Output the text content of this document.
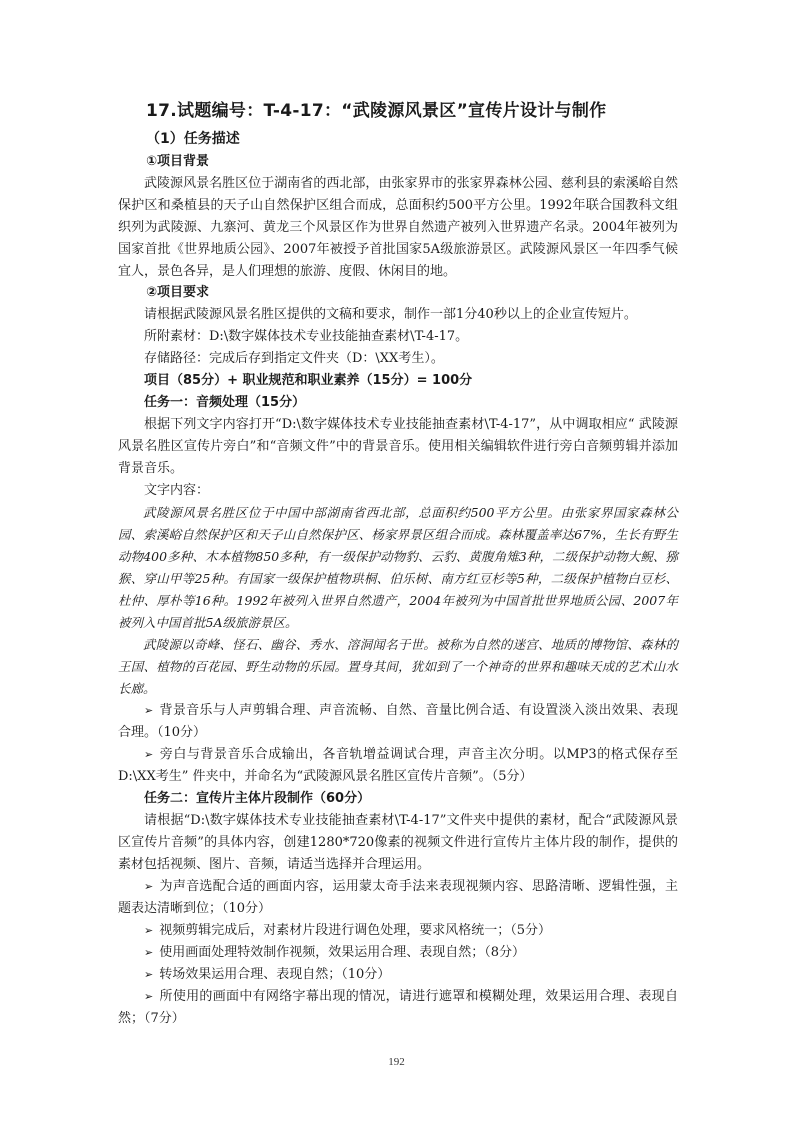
17.试题编号：T-4-17：“武陵源风景区”宣传片设计与制作
（1）任务描述
①项目背景

武陵源风景名胜区位于湖南省的西北部，由张家界市的张家界森林公园、慈利县的索溪峪自然保护区和桑植县的天子山自然保护区组合而成，总面积约500平方公里。1992年联合国教科文组织列为武陵源、九寨河、黄龙三个风景区作为世界自然遗产被列入世界遗产名录。2004年被列为国家首批《世界地质公园》、2007年被授予首批国家5A级旅游景区。武陵源风景区一年四季气候宜人，景色各异，是人们理想的旅游、度假、休闲目的地。

②项目要求

请根据武陵源风景名胜区提供的文稿和要求，制作一部1分40秒以上的企业宣传短片。

所附素材：D:\数字媒体技术专业技能抽查素材\T-4-17。

存储路径：完成后存到指定文件夹（D：\XX考生）。

项目（85分）+ 职业规范和职业素养（15分）= 100分
任务一：音频处理（15分）

根据下列文字内容打开“D:\数字媒体技术专业技能抽查素材\T-4-17”，从中调取相应“ 武陵源风景名胜区宣传片旁白”和“音频文件”中的背景音乐。使用相关编辑软件进行旁白音频剪辑并添加背景音乐。

文字内容：

武陵源风景名胜区位于中国中部湖南省西北部，总面积约500平方公里。由张家界国家森林公园、索溪峪自然保护区和天子山自然保护区、杨家界景区组合而成。森林覆盖率达67%，生长有野生动物400多种、木本植物850多种，有一级保护动物豹、云豹、黄腹角雉3种，二级保护动物大鲵、猕猴、穿山甲等25种。有国家一级保护植物珙桐、伯乐树、南方红豆杉等5种，二级保护植物白豆杉、杜仲、厚朴等16种。1992年被列入世界自然遗产，2004年被列为中国首批世界地质公园、2007年被列入中国首批5A级旅游景区。

武陵源以奇峰、怪石、幽谷、秀水、溶洞闻名于世。被称为自然的迷宫、地质的博物馆、森林的王国、植物的百花园、野生动物的乐园。置身其间，犹如到了一个神奇的世界和趣味天成的艺术山水长廊。

➢ 背景音乐与人声剪辑合理、声音流畅、自然、音量比例合适、有设置淡入淡出效果、表现合理。（10分）

➢ 旁白与背景音乐合成输出，各音轨增益调试合理，声音主次分明。以MP3的格式保存至D:\XX考生” 件夹中，并命名为“武陵源风景名胜区宣传片音频”。（5分）

任务二：宣传片主体片段制作（60分）

请根据“D:\数字媒体技术专业技能抽查素材\T-4-17”文件夹中提供的素材，配合“武陵源风景区宣传片音频”的具体内容，创建1280*720像素的视频文件进行宣传片主体片段的制作，提供的素材包括视频、图片、音频，请适当选择并合理运用。

➢ 为声音选配合适的画面内容，运用蒙太奇手法来表现视频内容、思路清晰、逻辑性强，主题表达清晰到位；（10分）

➢ 视频剪辑完成后，对素材片段进行调色处理，要求风格统一；（5分）

➢ 使用画面处理特效制作视频，效果运用合理、表现自然；（8分）

➢ 转场效果运用合理、表现自然；（10分）

➢ 所使用的画面中有网络字幕出现的情况，请进行遮罩和模糊处理，效果运用合理、表现自然；（7分）

192
